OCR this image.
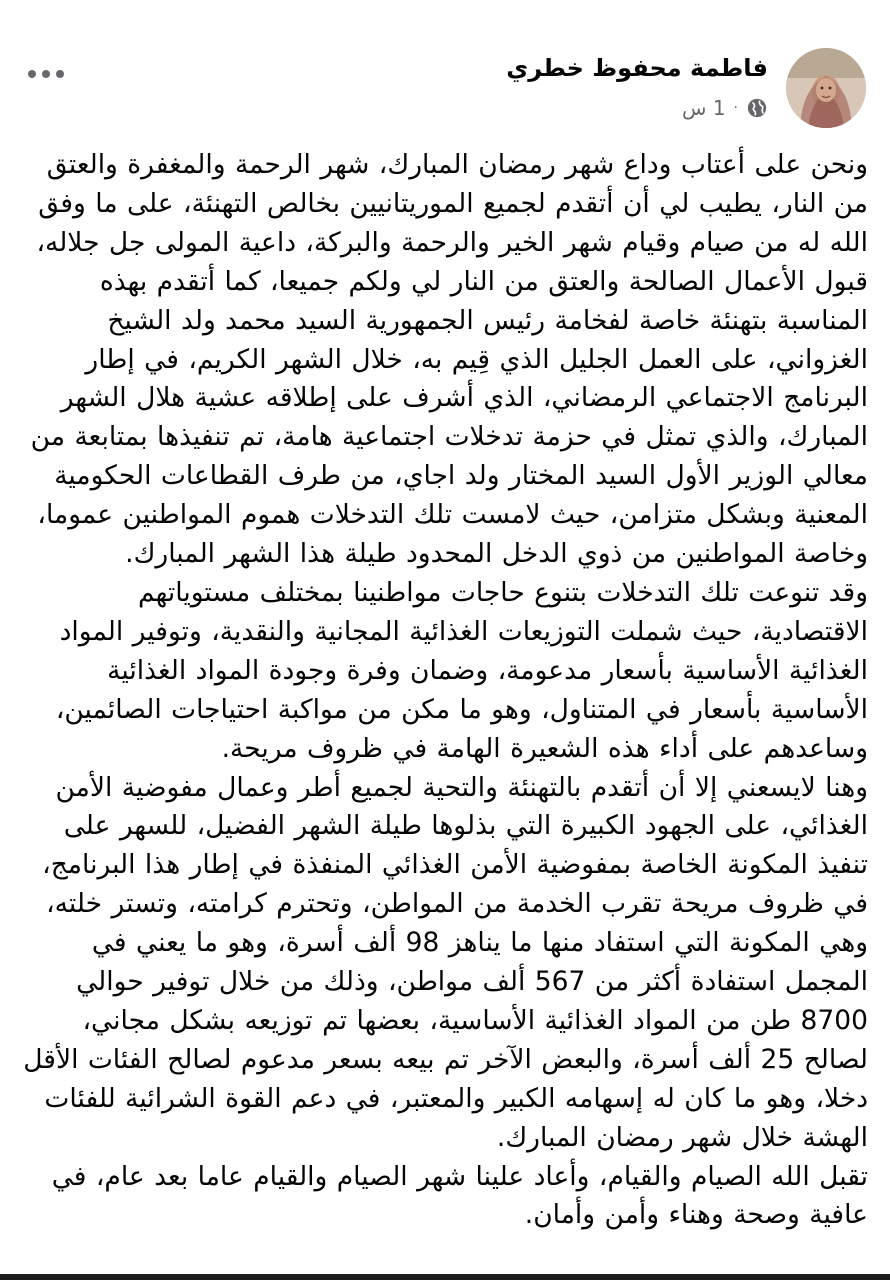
فاطمة محفوظ خطري
1 س ·

ونحن على أعتاب وداع شهر رمضان المبارك، شهر الرحمة والمغفرة والعتق من النار، يطيب لي أن أتقدم لجميع الموريتانيين بخالص التهنئة، على ما وفق الله له من صيام وقيام شهر الخير والرحمة والبركة، داعية المولى جل جلاله، قبول الأعمال الصالحة والعتق من النار لي ولكم جميعا، كما أتقدم بهذه المناسبة بتهنئة خاصة لفخامة رئيس الجمهورية السيد محمد ولد الشيخ الغزواني، على العمل الجليل الذي قِيم به، خلال الشهر الكريم، في إطار البرنامج الاجتماعي الرمضاني، الذي أشرف على إطلاقه عشية هلال الشهر المبارك، والذي تمثل في حزمة تدخلات اجتماعية هامة، تم تنفيذها بمتابعة من معالي الوزير الأول السيد المختار ولد اجاي، من طرف القطاعات الحكومية المعنية وبشكل متزامن، حيث لامست تلك التدخلات هموم المواطنين عموما، وخاصة المواطنين من ذوي الدخل المحدود طيلة هذا الشهر المبارك.

وقد تنوعت تلك التدخلات بتنوع حاجات مواطنينا بمختلف مستوياتهم الاقتصادية، حيث شملت التوزيعات الغذائية المجانية والنقدية، وتوفير المواد الغذائية الأساسية بأسعار مدعومة، وضمان وفرة وجودة المواد الغذائية الأساسية بأسعار في المتناول، وهو ما مكن من مواكبة احتياجات الصائمين، وساعدهم على أداء هذه الشعيرة الهامة في ظروف مريحة.

وهنا لايسعني إلا أن أتقدم بالتهنئة والتحية لجميع أطر وعمال مفوضية الأمن الغذائي، على الجهود الكبيرة التي بذلوها طيلة الشهر الفضيل، للسهر على تنفيذ المكونة الخاصة بمفوضية الأمن الغذائي المنفذة في إطار هذا البرنامج، في ظروف مريحة تقرب الخدمة من المواطن، وتحترم كرامته، وتستر خلته، وهي المكونة التي استفاد منها ما يناهز 98 ألف أسرة، وهو ما يعني في المجمل استفادة أكثر من 567 ألف مواطن، وذلك من خلال توفير حوالي 8700 طن من المواد الغذائية الأساسية، بعضها تم توزيعه بشكل مجاني، لصالح 25 ألف أسرة، والبعض الآخر تم بيعه بسعر مدعوم لصالح الفئات الأقل دخلا، وهو ما كان له إسهامه الكبير والمعتبر، في دعم القوة الشرائية للفئات الهشة خلال شهر رمضان المبارك.

تقبل الله الصيام والقيام، وأعاد علينا شهر الصيام والقيام عاما بعد عام، في عافية وصحة وهناء وأمن وأمان.
